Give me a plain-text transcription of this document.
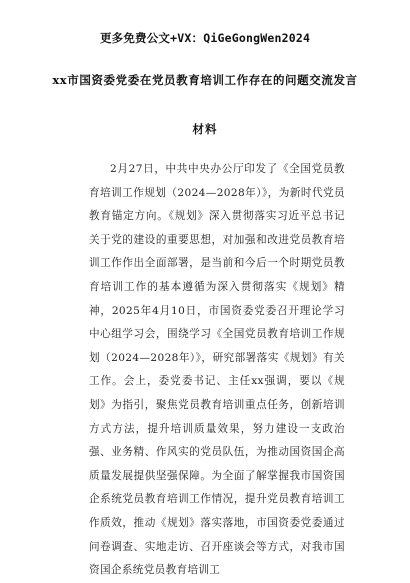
更多免费公文+VX：QiGeGongWen2024
xx市国资委党委在党员教育培训工作存在的问题交流发言
材料

2月27日，中共中央办公厅印发了《全国党员教育培训工作规划（2024—2028年）》，为新时代党员教育锚定方向。《规划》深入贯彻落实习近平总书记关于党的建设的重要思想，对加强和改进党员教育培训工作作出全面部署，是当前和今后一个时期党员教育培训工作的基本遵循为深入贯彻落实《规划》精神，2025年4月10日，市国资委党委召开理论学习中心组学习会，围绕学习《全国党员教育培训工作规划（2024—2028年）》，研究部署落实《规划》有关工作。会上，委党委书记、主任xx强调，要以《规划》为指引，聚焦党员教育培训重点任务，创新培训方式方法，提升培训质量效果，努力建设一支政治强、业务精、作风实的党员队伍，为推动国资国企高质量发展提供坚强保障。为全面了解掌握我市国资国企系统党员教育培训工作情况，提升党员教育培训工作质效，推动《规划》落实落地，市国资委党委通过问卷调查、实地走访、召开座谈会等方式，对我市国资国企系统党员教育培训工
